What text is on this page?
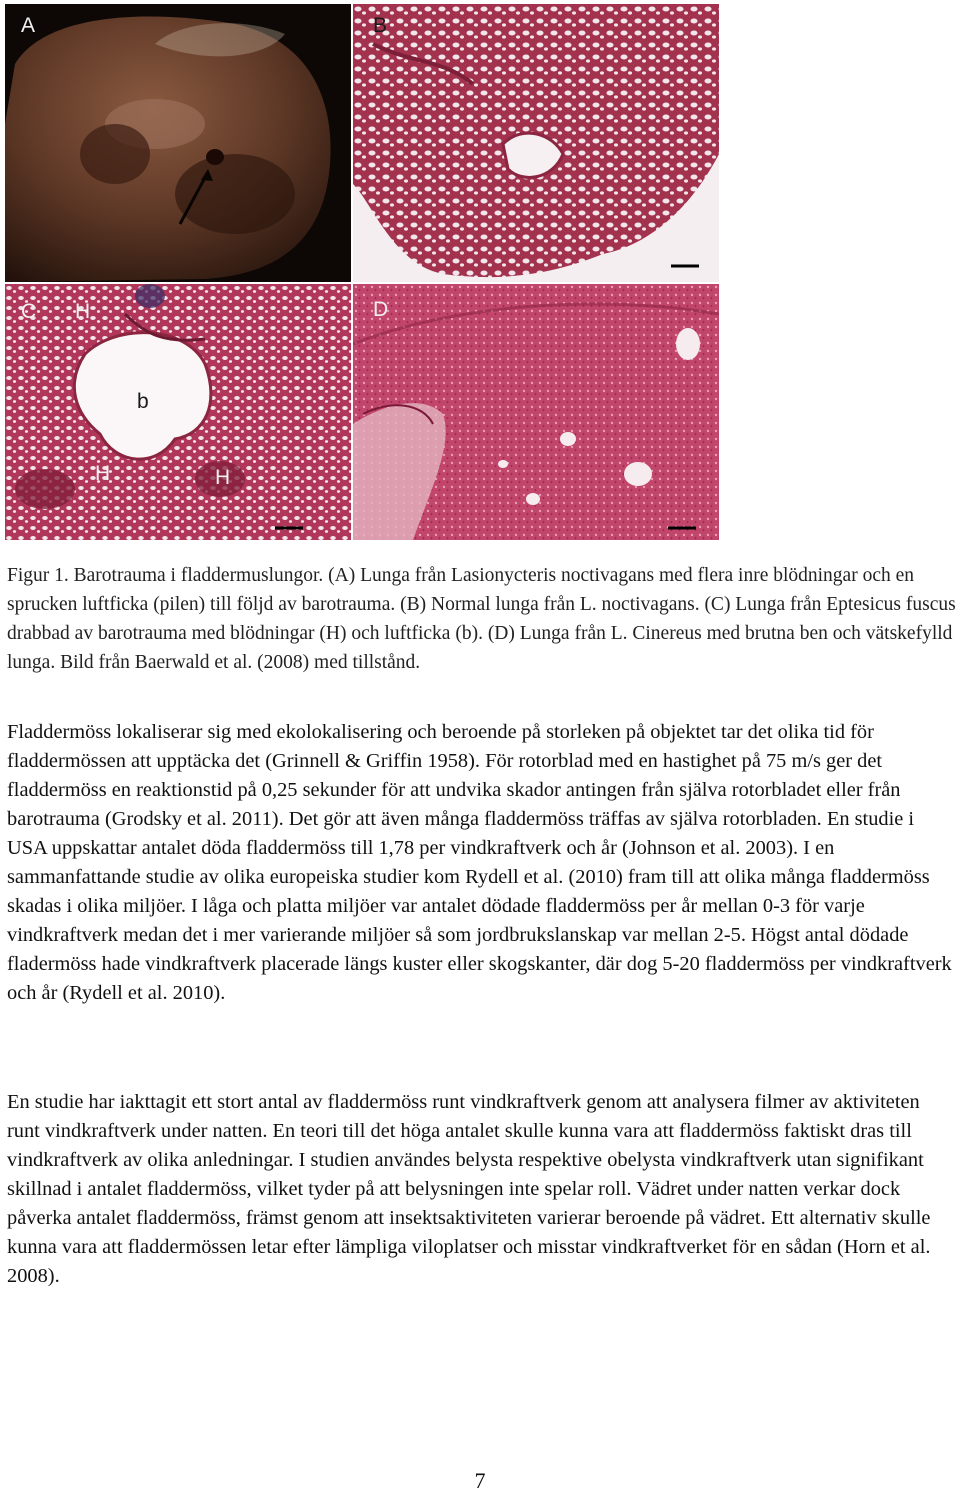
A	B
C H
b
H	H
D
Figur 1. Barotrauma i fladdermuslungor. (A) Lunga från Lasionycteris noctivagans med flera inre blödningar och en sprucken luftficka (pilen) till följd av barotrauma. (B) Normal lunga från L. noctivagans. (C) Lunga från Eptesicus fuscus drabbad av barotrauma med blödningar (H) och luftficka (b). (D) Lunga från L. Cinereus med brutna ben och vätskefylld lunga. Bild från Baerwald et al. (2008) med tillstånd.
Fladdermöss lokaliserar sig med ekolokalisering och beroende på storleken på objektet tar det olika tid för fladdermössen att upptäcka det (Grinnell & Griffin 1958). För rotorblad med en hastighet på 75 m/s ger det fladdermöss en reaktionstid på 0,25 sekunder för att undvika skador antingen från själva rotorbladet eller från barotrauma (Grodsky et al. 2011). Det gör att även många fladdermöss träffas av själva rotorbladen. En studie i USA uppskattar antalet döda fladdermöss till 1,78 per vindkraftverk och år (Johnson et al. 2003). I en sammanfattande studie av olika europeiska studier kom Rydell et al. (2010) fram till att olika många fladdermöss skadas i olika miljöer. I låga och platta miljöer var antalet dödade fladdermöss per år mellan 0-3 för varje vindkraftverk medan det i mer varierande miljöer så som jordbrukslanskap var mellan 2-5. Högst antal dödade fladermöss hade vindkraftverk placerade längs kuster eller skogskanter, där dog 5-20 fladdermöss per vindkraftverk och år (Rydell et al. 2010).
En studie har iakttagit ett stort antal av fladdermöss runt vindkraftverk genom att analysera filmer av aktiviteten runt vindkraftverk under natten. En teori till det höga antalet skulle kunna vara att fladdermöss faktiskt dras till vindkraftverk av olika anledningar. I studien användes belysta respektive obelysta vindkraftverk utan signifikant skillnad i antalet fladdermöss, vilket tyder på att belysningen inte spelar roll. Vädret under natten verkar dock påverka antalet fladdermöss, främst genom att insektsaktiviteten varierar beroende på vädret. Ett alternativ skulle kunna vara att fladdermössen letar efter lämpliga viloplatser och misstar vindkraftverket för en sådan (Horn et al. 2008).
7
